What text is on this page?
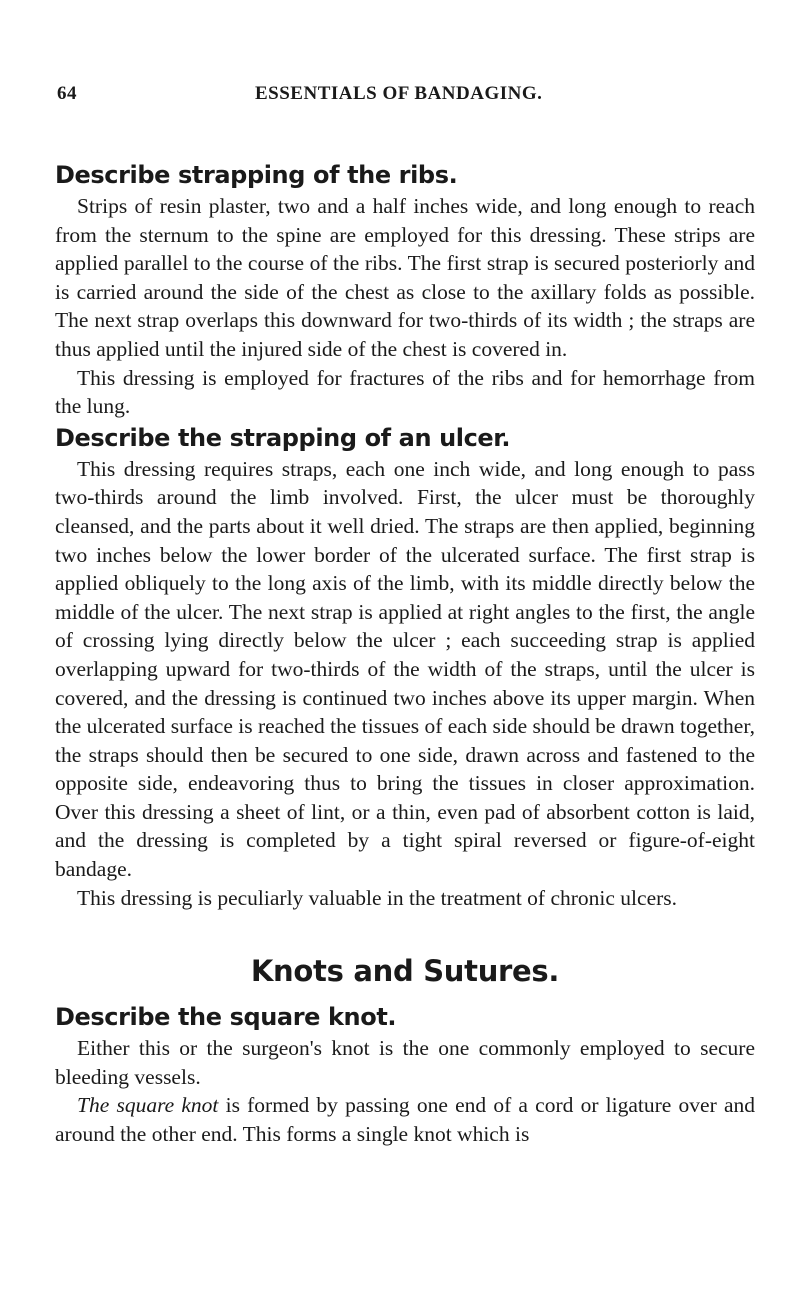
64	ESSENTIALS OF BANDAGING.
Describe strapping of the ribs.

Strips of resin plaster, two and a half inches wide, and long enough to reach from the sternum to the spine are employed for this dressing. These strips are applied parallel to the course of the ribs. The first strap is secured posteriorly and is carried around the side of the chest as close to the axillary folds as possible. The next strap overlaps this downward for two-thirds of its width ; the straps are thus applied until the injured side of the chest is covered in.

This dressing is employed for fractures of the ribs and for hemorrhage from the lung.

Describe the strapping of an ulcer.

This dressing requires straps, each one inch wide, and long enough to pass two-thirds around the limb involved. First, the ulcer must be thoroughly cleansed, and the parts about it well dried. The straps are then applied, beginning two inches below the lower border of the ulcerated surface. The first strap is applied obliquely to the long axis of the limb, with its middle directly below the middle of the ulcer. The next strap is applied at right angles to the first, the angle of crossing lying directly below the ulcer ; each succeeding strap is applied overlapping upward for two-thirds of the width of the straps, until the ulcer is covered, and the dressing is continued two inches above its upper margin. When the ulcerated surface is reached the tissues of each side should be drawn together, the straps should then be secured to one side, drawn across and fastened to the opposite side, endeavoring thus to bring the tissues in closer approximation. Over this dressing a sheet of lint, or a thin, even pad of absorbent cotton is laid, and the dressing is completed by a tight spiral reversed or figure-of-eight bandage.

This dressing is peculiarly valuable in the treatment of chronic ulcers.

Knots and Sutures.
Describe the square knot.

Either this or the surgeon's knot is the one commonly employed to secure bleeding vessels.

The square knot is formed by passing one end of a cord or ligature over and around the other end. This forms a single knot which is
